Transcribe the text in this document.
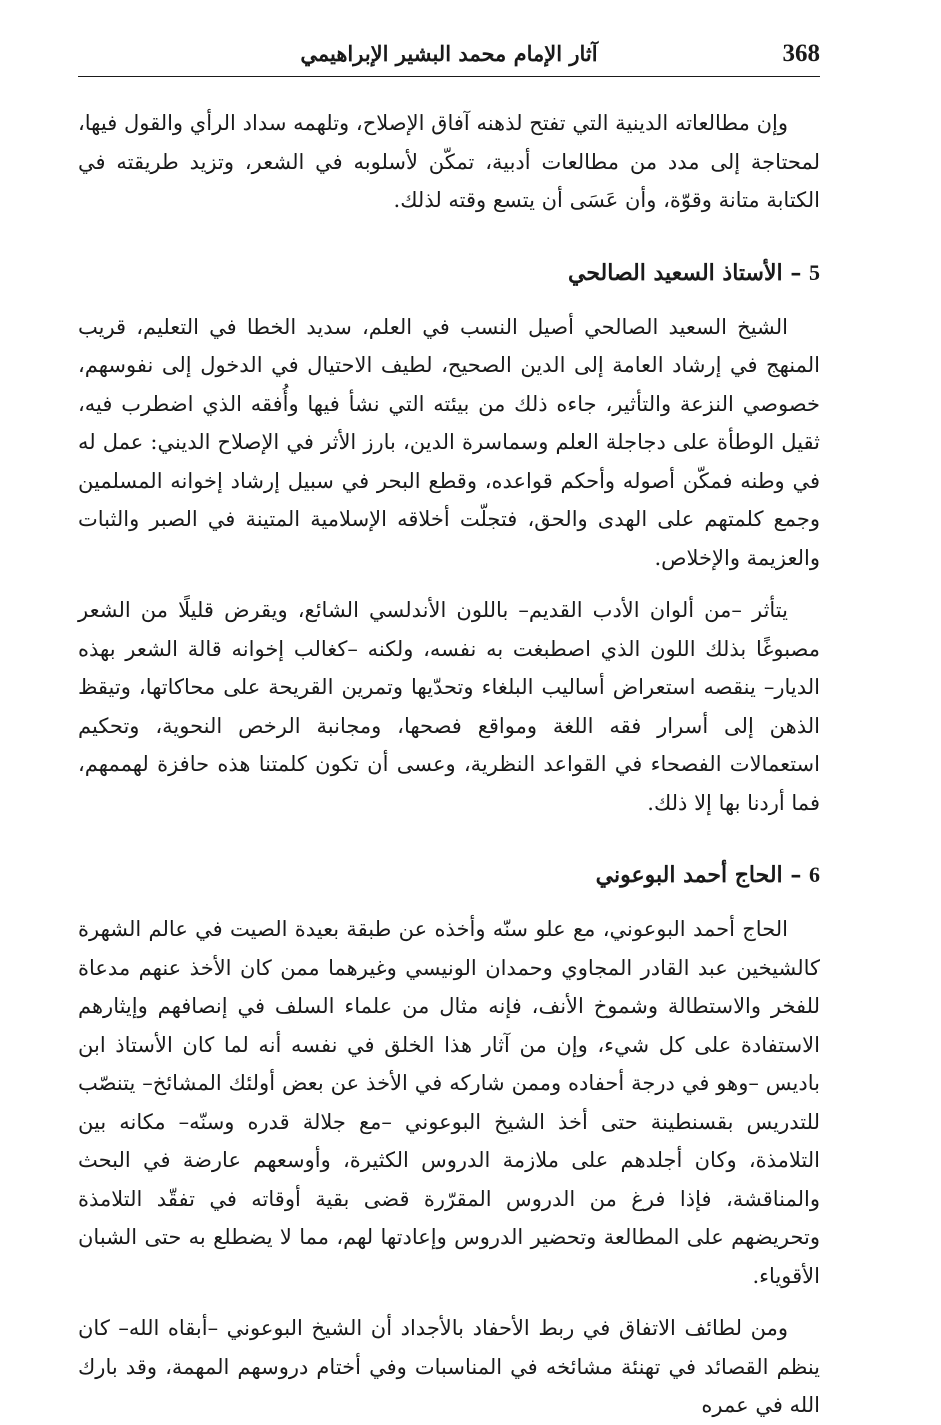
368
آثار الإمام محمد البشير الإبراهيمي

وإن مطالعاته الدينية التي تفتح لذهنه آفاق الإصلاح، وتلهمه سداد الرأي والقول فيها، لمحتاجة إلى مدد من مطالعات أدبية، تمكّن لأسلوبه في الشعر، وتزيد طريقته في الكتابة متانة وقوّة، وأن عَسَى أن يتسع وقته لذلك.

5 – الأستاذ السعيد الصالحي

الشيخ السعيد الصالحي أصيل النسب في العلم، سديد الخطا في التعليم، قريب المنهج في إرشاد العامة إلى الدين الصحيح، لطيف الاحتيال في الدخول إلى نفوسهم، خصوصي النزعة والتأثير، جاءه ذلك من بيئته التي نشأ فيها وأُفقه الذي اضطرب فيه، ثقيل الوطأة على دجاجلة العلم وسماسرة الدين، بارز الأثر في الإصلاح الديني: عمل له في وطنه فمكّن أصوله وأحكم قواعده، وقطع البحر في سبيل إرشاد إخوانه المسلمين وجمع كلمتهم على الهدى والحق، فتجلّت أخلاقه الإسلامية المتينة في الصبر والثبات والعزيمة والإخلاص.

يتأثر –من ألوان الأدب القديم– باللون الأندلسي الشائع، ويقرض قليلًا من الشعر مصبوغًا بذلك اللون الذي اصطبغت به نفسه، ولكنه –كغالب إخوانه قالة الشعر بهذه الديار– ينقصه استعراض أساليب البلغاء وتحدّيها وتمرين القريحة على محاكاتها، وتيقظ الذهن إلى أسرار فقه اللغة ومواقع فصحها، ومجانبة الرخص النحوية، وتحكيم استعمالات الفصحاء في القواعد النظرية، وعسى أن تكون كلمتنا هذه حافزة لهممهم، فما أردنا بها إلا ذلك.

6 – الحاج أحمد البوعوني

الحاج أحمد البوعوني، مع علو سنّه وأخذه عن طبقة بعيدة الصيت في عالم الشهرة كالشيخين عبد القادر المجاوي وحمدان الونيسي وغيرهما ممن كان الأخذ عنهم مدعاة للفخر والاستطالة وشموخ الأنف، فإنه مثال من علماء السلف في إنصافهم وإيثارهم الاستفادة على كل شيء، وإن من آثار هذا الخلق في نفسه أنه لما كان الأستاذ ابن باديس –وهو في درجة أحفاده وممن شاركه في الأخذ عن بعض أولئك المشائخ– يتنصّب للتدريس بقسنطينة حتى أخذ الشيخ البوعوني –مع جلالة قدره وسنّه– مكانه بين التلامذة، وكان أجلدهم على ملازمة الدروس الكثيرة، وأوسعهم عارضة في البحث والمناقشة، فإذا فرغ من الدروس المقرّرة قضى بقية أوقاته في تفقّد التلامذة وتحريضهم على المطالعة وتحضير الدروس وإعادتها لهم، مما لا يضطلع به حتى الشبان الأقوياء.

ومن لطائف الاتفاق في ربط الأحفاد بالأجداد أن الشيخ البوعوني –أبقاه الله– كان ينظم القصائد في تهنئة مشائخه في المناسبات وفي أختام دروسهم المهمة، وقد بارك الله في عمره
